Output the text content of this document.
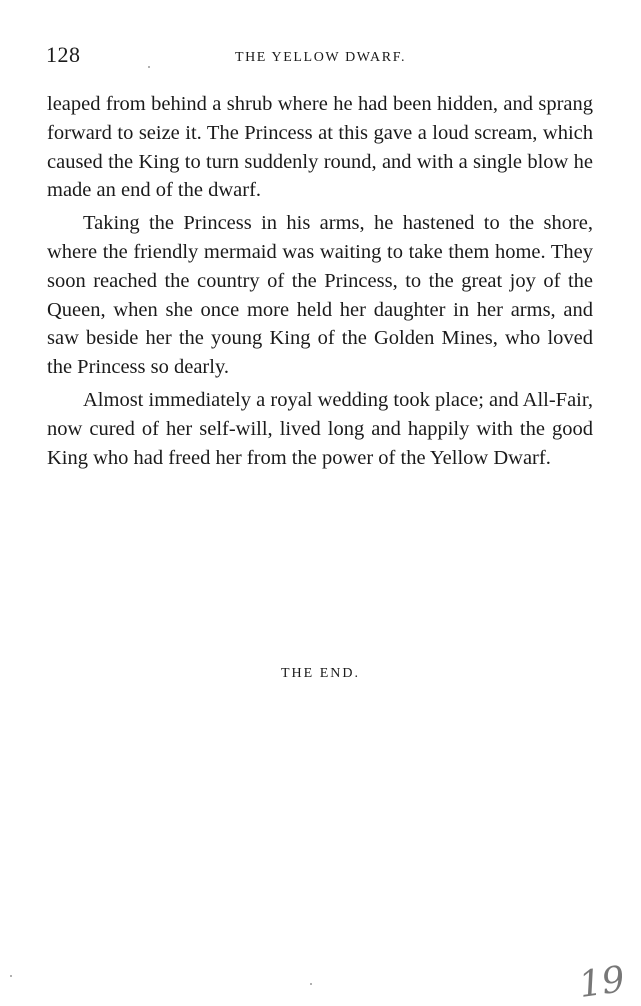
128	THE YELLOW DWARF.

leaped from behind a shrub where he had been hidden, and sprang forward to seize it. The Princess at this gave a loud scream, which caused the King to turn suddenly round, and with a single blow he made an end of the dwarf.

Taking the Princess in his arms, he hastened to the shore, where the friendly mermaid was waiting to take them home. They soon reached the country of the Princess, to the great joy of the Queen, when she once more held her daughter in her arms, and saw beside her the young King of the Golden Mines, who loved the Princess so dearly.

Almost immediately a royal wedding took place; and All-Fair, now cured of her self-will, lived long and happily with the good King who had freed her from the power of the Yellow Dwarf.

THE END.
19
